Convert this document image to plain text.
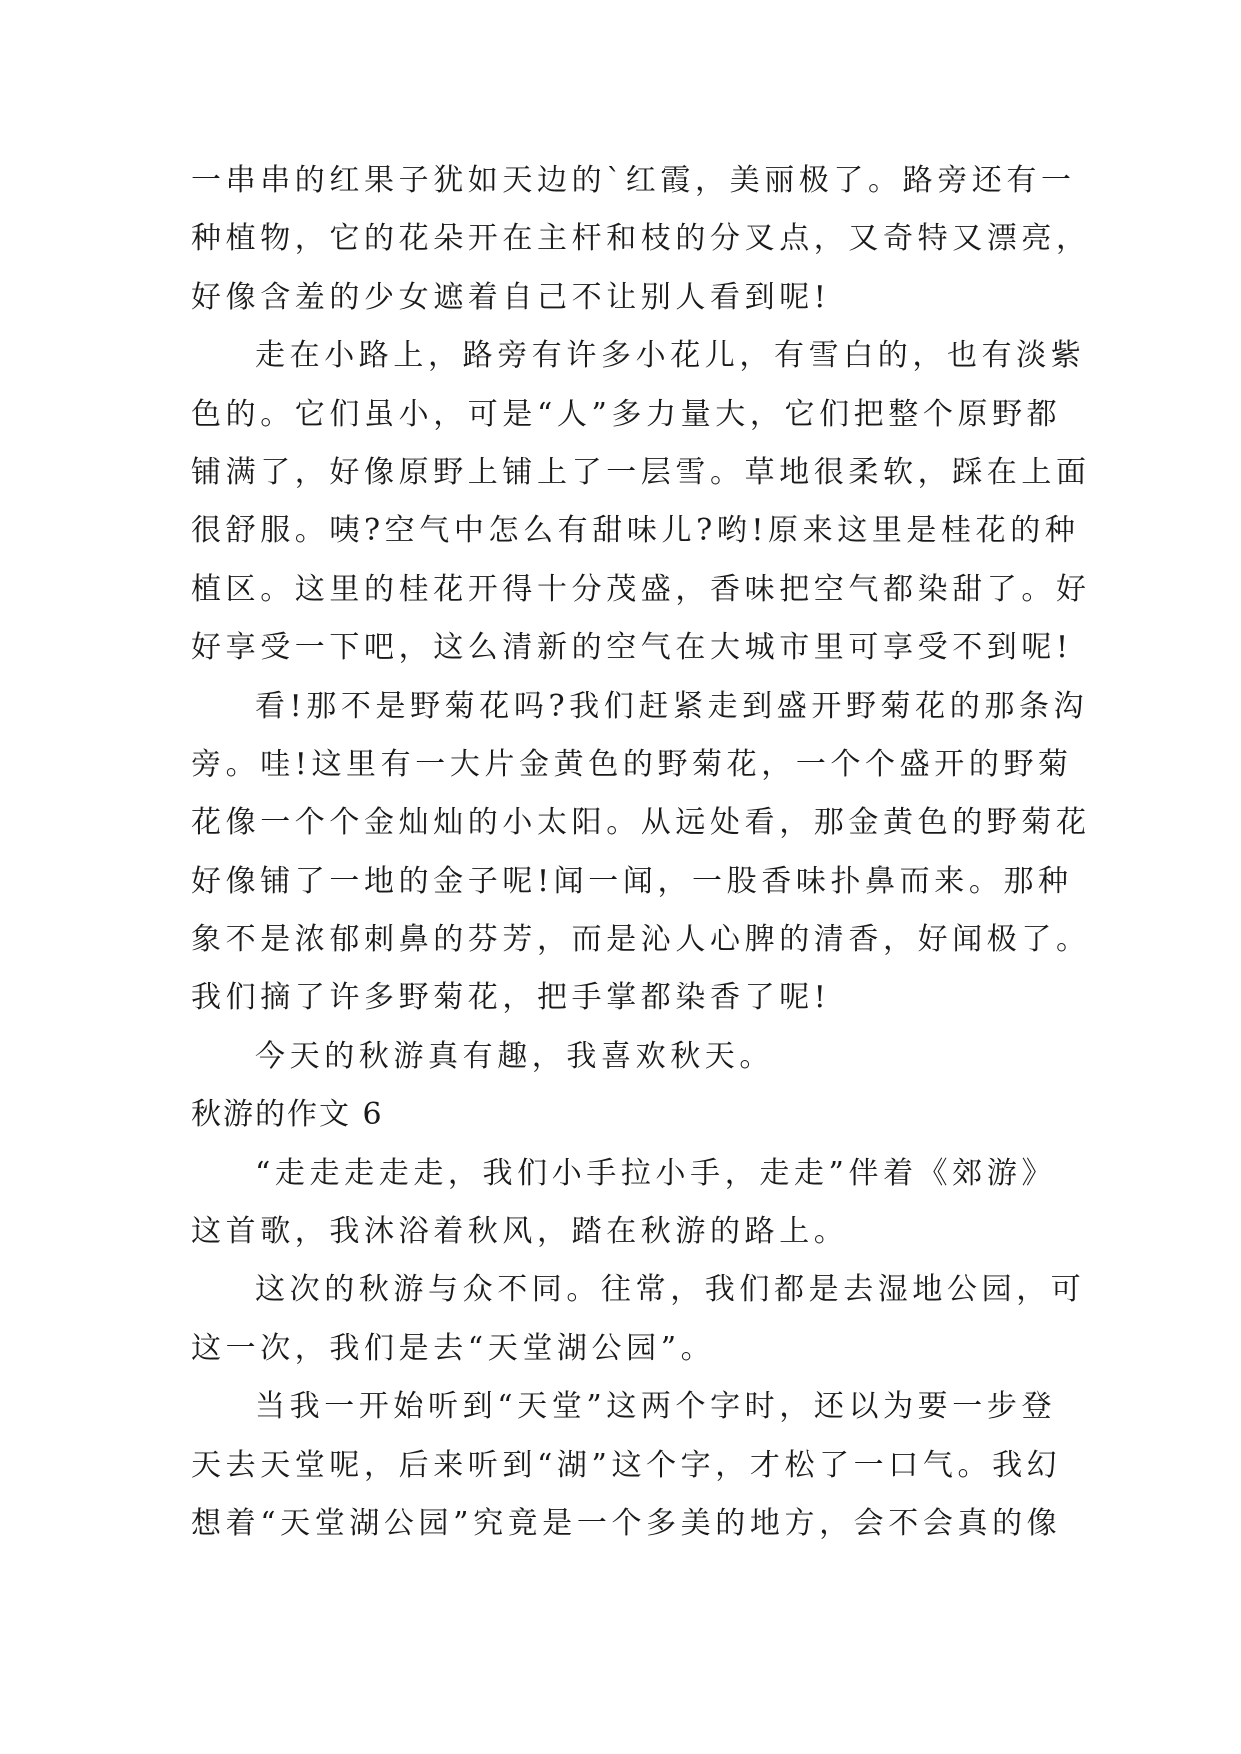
一串串的红果子犹如天边的`红霞，美丽极了。路旁还有一
种植物，它的花朵开在主杆和枝的分叉点，又奇特又漂亮，
好像含羞的少女遮着自己不让别人看到呢!
走在小路上，路旁有许多小花儿，有雪白的，也有淡紫
色的。它们虽小，可是“人”多力量大，它们把整个原野都
铺满了，好像原野上铺上了一层雪。草地很柔软，踩在上面
很舒服。咦?空气中怎么有甜味儿?哟!原来这里是桂花的种
植区。这里的桂花开得十分茂盛，香味把空气都染甜了。好
好享受一下吧，这么清新的空气在大城市里可享受不到呢!
看!那不是野菊花吗?我们赶紧走到盛开野菊花的那条沟
旁。哇!这里有一大片金黄色的野菊花，一个个盛开的野菊
花像一个个金灿灿的小太阳。从远处看，那金黄色的野菊花
好像铺了一地的金子呢!闻一闻，一股香味扑鼻而来。那种
象不是浓郁刺鼻的芬芳，而是沁人心脾的清香，好闻极了。
我们摘了许多野菊花，把手掌都染香了呢!
今天的秋游真有趣，我喜欢秋天。
秋游的作文 6
“走走走走走，我们小手拉小手，走走”伴着《郊游》
这首歌，我沐浴着秋风，踏在秋游的路上。
这次的秋游与众不同。往常，我们都是去湿地公园，可
这一次，我们是去“天堂湖公园”。
当我一开始听到“天堂”这两个字时，还以为要一步登
天去天堂呢，后来听到“湖”这个字，才松了一口气。我幻
想着“天堂湖公园”究竟是一个多美的地方，会不会真的像
